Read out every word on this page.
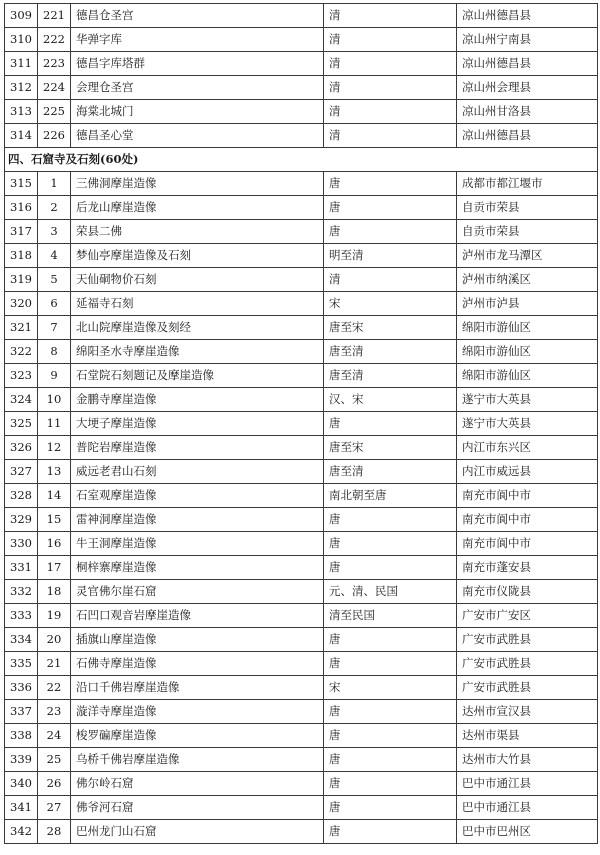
309	221	德昌仓圣宫	清	凉山州德昌县
310	222	华弹字库	清	凉山州宁南县
311	223	德昌字库塔群	清	凉山州德昌县
312	224	会理仓圣宫	清	凉山州会理县
313	225	海棠北城门	清	凉山州甘洛县
314	226	德昌圣心堂	清	凉山州德昌县
四、石窟寺及石刻(60处)				
315	1	三佛洞摩崖造像	唐	成都市都江堰市
316	2	后龙山摩崖造像	唐	自贡市荣县
317	3	荣县二佛	唐	自贡市荣县
318	4	梦仙亭摩崖造像及石刻	明至清	泸州市龙马潭区
319	5	天仙硐物价石刻	清	泸州市纳溪区
320	6	延福寺石刻	宋	泸州市泸县
321	7	北山院摩崖造像及刻经	唐至宋	绵阳市游仙区
322	8	绵阳圣水寺摩崖造像	唐至清	绵阳市游仙区
323	9	石堂院石刻题记及摩崖造像	唐至清	绵阳市游仙区
324	10	金鹏寺摩崖造像	汉、宋	遂宁市大英县
325	11	大埂子摩崖造像	唐	遂宁市大英县
326	12	普陀岩摩崖造像	唐至宋	内江市东兴区
327	13	威远老君山石刻	唐至清	内江市威远县
328	14	石室观摩崖造像	南北朝至唐	南充市阆中市
329	15	雷神洞摩崖造像	唐	南充市阆中市
330	16	牛王洞摩崖造像	唐	南充市阆中市
331	17	桐梓寨摩崖造像	唐	南充市蓬安县
332	18	灵官佛尔崖石窟	元、清、民国	南充市仪陇县
333	19	石凹口观音岩摩崖造像	清至民国	广安市广安区
334	20	插旗山摩崖造像	唐	广安市武胜县
335	21	石佛寺摩崖造像	唐	广安市武胜县
336	22	沿口千佛岩摩崖造像	宋	广安市武胜县
337	23	漩洋寺摩崖造像	唐	达州市宣汉县
338	24	梭罗碥摩崖造像	唐	达州市渠县
339	25	乌桥千佛岩摩崖造像	唐	达州市大竹县
340	26	佛尔岭石窟	唐	巴中市通江县
341	27	佛爷河石窟	唐	巴中市通江县
342	28	巴州龙门山石窟	唐	巴中市巴州区
